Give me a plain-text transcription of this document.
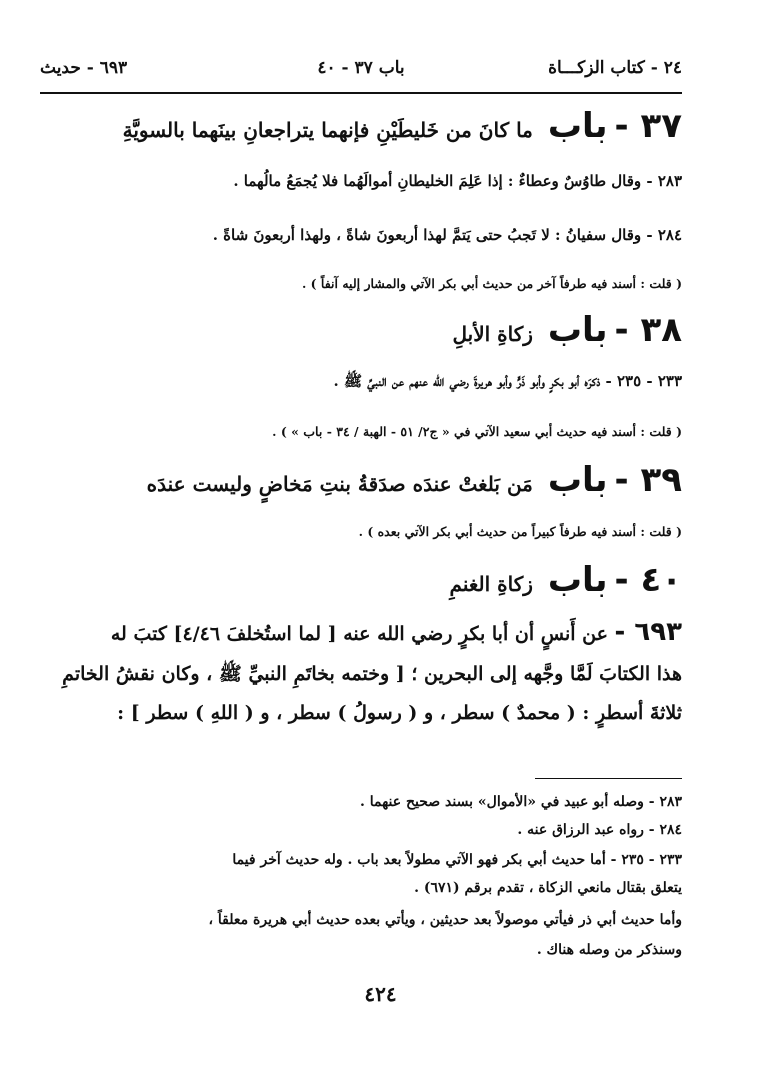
٢٤ - كتاب الزكـــاة
باب ٣٧ - ٤٠
٦٩٣ - حديث
٣٧ - باب ما كانَ من خَليطَيْنِ فإنهما يتراجعانِ بينَهما بالسويَّةِ
٢٨٣ - وقال طاوُسٌ وعطاءٌ : إذا عَلِمَ الخليطانِ أموالَهُما فلا يُجمَعُ مالُهما .
٢٨٤ - وقال سفيانُ : لا تَجبُ حتى يَتمَّ لهذا أربعونَ شاةً ، ولهذا أربعونَ شاةً .
( قلت : أسند فيه طرفاً آخر من حديث أبي بكر الآتي والمشار إليه آنفاً ) .
٣٨ - باب زكاةِ الأبلِ
٢٣٣ - ٢٣٥ - ذكرَه أبو بكرٍ وأبو ذَرٍّ وأبو هريرةَ رضي الله عنهم عن النبيِّ ﷺ .
( قلت : أسند فيه حديث أبي سعيد الآتي في « ج٢/ ٥١ - الهبة / ٣٤ - باب » ) .
٣٩ - باب مَن بَلغتْ عندَه صدَقةُ بنتِ مَخاضٍ وليست عندَه
( قلت : أسند فيه طرفاً كبيراً من حديث أبي بكر الآتي بعده ) .
٤٠ - باب زكاةِ الغنمِ
٦٩٣ - عن أَنسٍ أن أبا بكرٍ رضي الله عنه [ لما استُخلفَ ٤/٤٦] كتبَ له
هذا الكتابَ لَمَّا وجَّهه إلى البحرين ؛ [ وختمه بخاتَمِ النبيِّ ﷺ ، وكان نقشُ الخاتمِ
ثلاثةَ أسطرٍ : ( محمدٌ ) سطر ، و ( رسولُ ) سطر ، و ( اللهِ ) سطر ] :
٢٨٣ - وصله أبو عبيد في «الأموال» بسند صحيح عنهما .
٢٨٤ - رواه عبد الرزاق عنه .
٢٣٣ - ٢٣٥ - أما حديث أبي بكر فهو الآتي مطولاً بعد باب . وله حديث آخر فيما
يتعلق بقتال مانعي الزكاة ، تقدم برقم (٦٧١) .
وأما حديث أبي ذر فيأتي موصولاً بعد حديثين ، ويأتي بعده حديث أبي هريرة معلقاً ،
وسنذكر من وصله هناك .
٤٢٤
